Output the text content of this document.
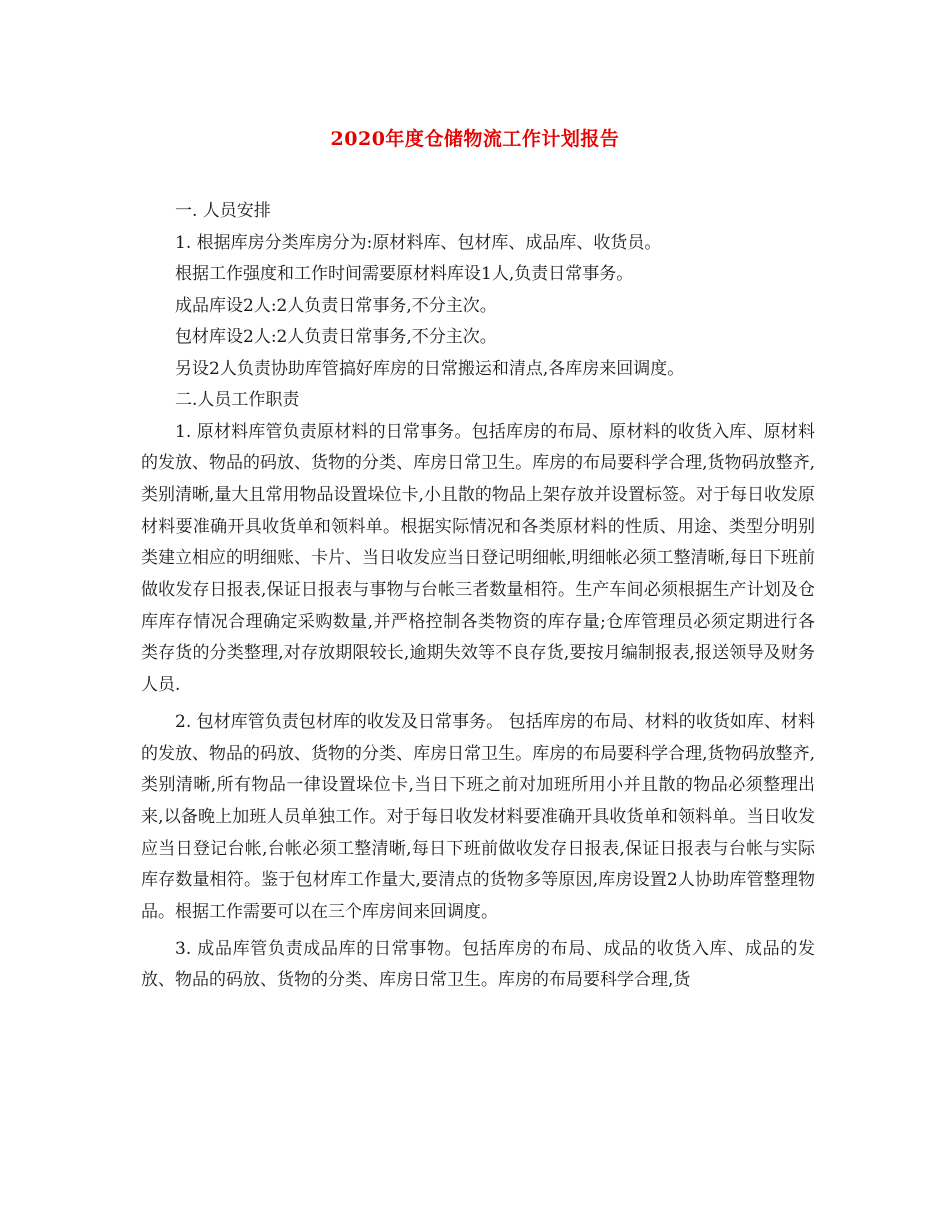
2020年度仓储物流工作计划报告
一. 人员安排
1. 根据库房分类库房分为:原材料库、包材库、成品库、收货员。
根据工作强度和工作时间需要原材料库设1人,负责日常事务。
成品库设2人:2人负责日常事务,不分主次。
包材库设2人:2人负责日常事务,不分主次。
另设2人负责协助库管搞好库房的日常搬运和清点,各库房来回调度。
二.人员工作职责

1. 原材料库管负责原材料的日常事务。包括库房的布局、原材料的收货入库、原材料的发放、物品的码放、货物的分类、库房日常卫生。库房的布局要科学合理,货物码放整齐,类别清晰,量大且常用物品设置垛位卡,小且散的物品上架存放并设置标签。对于每日收发原材料要准确开具收货单和领料单。根据实际情况和各类原材料的性质、用途、类型分明别类建立相应的明细账、卡片、当日收发应当日登记明细帐,明细帐必须工整清晰,每日下班前做收发存日报表,保证日报表与事物与台帐三者数量相符。生产车间必须根据生产计划及仓库库存情况合理确定采购数量,并严格控制各类物资的库存量;仓库管理员必须定期进行各类存货的分类整理,对存放期限较长,逾期失效等不良存货,要按月编制报表,报送领导及财务人员.

2. 包材库管负责包材库的收发及日常事务。 包括库房的布局、材料的收货如库、材料的发放、物品的码放、货物的分类、库房日常卫生。库房的布局要科学合理,货物码放整齐,类别清晰,所有物品一律设置垛位卡,当日下班之前对加班所用小并且散的物品必须整理出来,以备晚上加班人员单独工作。对于每日收发材料要准确开具收货单和领料单。当日收发应当日登记台帐,台帐必须工整清晰,每日下班前做收发存日报表,保证日报表与台帐与实际库存数量相符。鉴于包材库工作量大,要清点的货物多等原因,库房设置2人协助库管整理物品。根据工作需要可以在三个库房间来回调度。

3. 成品库管负责成品库的日常事物。包括库房的布局、成品的收货入库、成品的发放、物品的码放、货物的分类、库房日常卫生。库房的布局要科学合理,货
